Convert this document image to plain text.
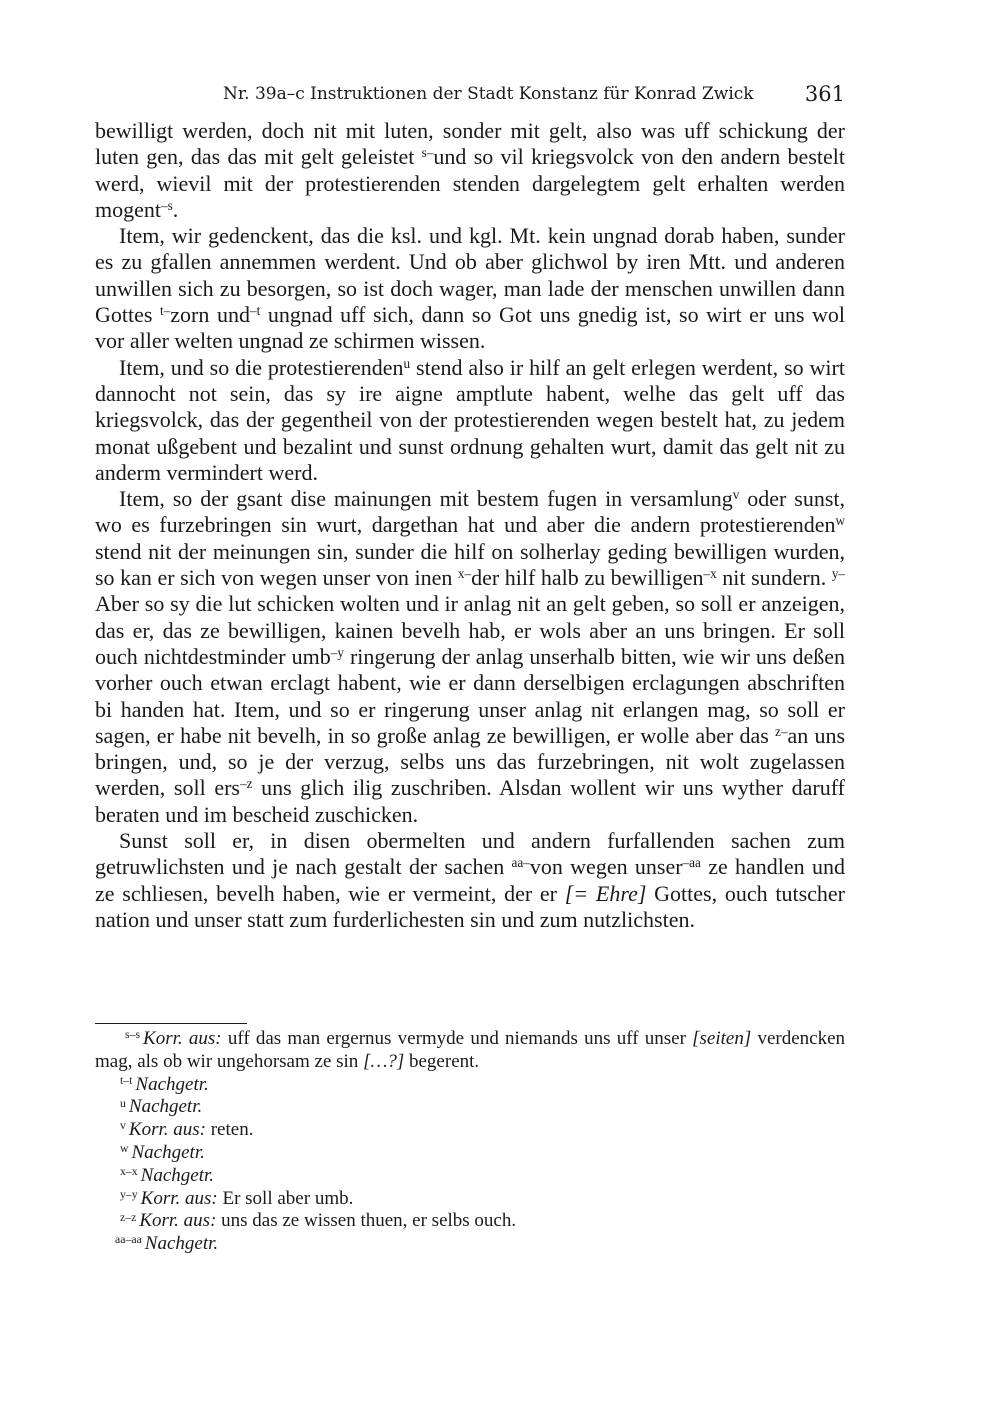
Nr. 39a–c Instruktionen der Stadt Konstanz für Konrad Zwick 361

bewilligt werden, doch nit mit luten, sonder mit gelt, also was uff schickung der luten gen, das das mit gelt geleistet $^{s-}$und so vil kriegsvolck von den andern bestelt werd, wievil mit der protestierenden stenden dargelegtem gelt erhalten werden mogent$^{-s}$.

Item, wir gedenckent, das die ksl. und kgl. Mt. kein ungnad dorab haben, sunder es zu gfallen annemmen werdent. Und ob aber glichwol by iren Mtt. und anderen unwillen sich zu besorgen, so ist doch wager, man lade der menschen unwillen dann Gottes $^{t-}$zorn und$^{-t}$ ungnad uff sich, dann so Got uns gnedig ist, so wirt er uns wol vor aller welten ungnad ze schirmen wissen.

Item, und so die protestierenden$^u$ stend also ir hilf an gelt erlegen werdent, so wirt dannocht not sein, das sy ire aigne amptlute habent, welhe das gelt uff das kriegsvolck, das der gegentheil von der protestierenden wegen bestelt hat, zu jedem monat ußgebent und bezalint und sunst ordnung gehalten wurt, damit das gelt nit zu anderm vermindert werd.

Item, so der gsant dise mainungen mit bestem fugen in versamlung$^v$ oder sunst, wo es furzebringen sin wurt, dargethan hat und aber die andern protestierenden$^w$ stend nit der meinungen sin, sunder die hilf on solherlay geding bewilligen wurden, so kan er sich von wegen unser von inen $^{x-}$der hilf halb zu bewilligen$^{-x}$ nit sundern. $^{y-}$Aber so sy die lut schicken wolten und ir anlag nit an gelt geben, so soll er anzeigen, das er, das ze bewilligen, kainen bevelh hab, er wols aber an uns bringen. Er soll ouch nichtdestminder umb$^{-y}$ ringerung der anlag unserhalb bitten, wie wir uns deßen vorher ouch etwan erclagt habent, wie er dann derselbigen erclagungen abschriften bi handen hat. Item, und so er ringerung unser anlag nit erlangen mag, so soll er sagen, er habe nit bevelh, in so große anlag ze bewilligen, er wolle aber das $^{z-}$an uns bringen, und, so je der verzug, selbs uns das furzebringen, nit wolt zugelassen werden, soll ers$^{-z}$ uns glich ilig zuschriben. Alsdan wollent wir uns wyther daruff beraten und im bescheid zuschicken.

Sunst soll er, in disen obermelten und andern furfallenden sachen zum getruwlichsten und je nach gestalt der sachen $^{aa-}$von wegen unser$^{-aa}$ ze handlen und ze schliesen, bevelh haben, wie er vermeint, der er [= Ehre] Gottes, ouch tutscher nation und unser statt zum furderlichesten sin und zum nutzlichsten.

$^{s-s}$ Korr. aus: uff das man ergernus vermyde und niemands uns uff unser [seiten] verdencken mag, als ob wir ungehorsam ze sin […?] begerent.

$^{t-t}$ Nachgetr.

$^u$ Nachgetr.

$^v$ Korr. aus: reten.

$^w$ Nachgetr.

$^{x-x}$ Nachgetr.

$^{y-y}$ Korr. aus: Er soll aber umb.

$^{z-z}$ Korr. aus: uns das ze wissen thuen, er selbs ouch.

$^{aa-aa}$ Nachgetr.
